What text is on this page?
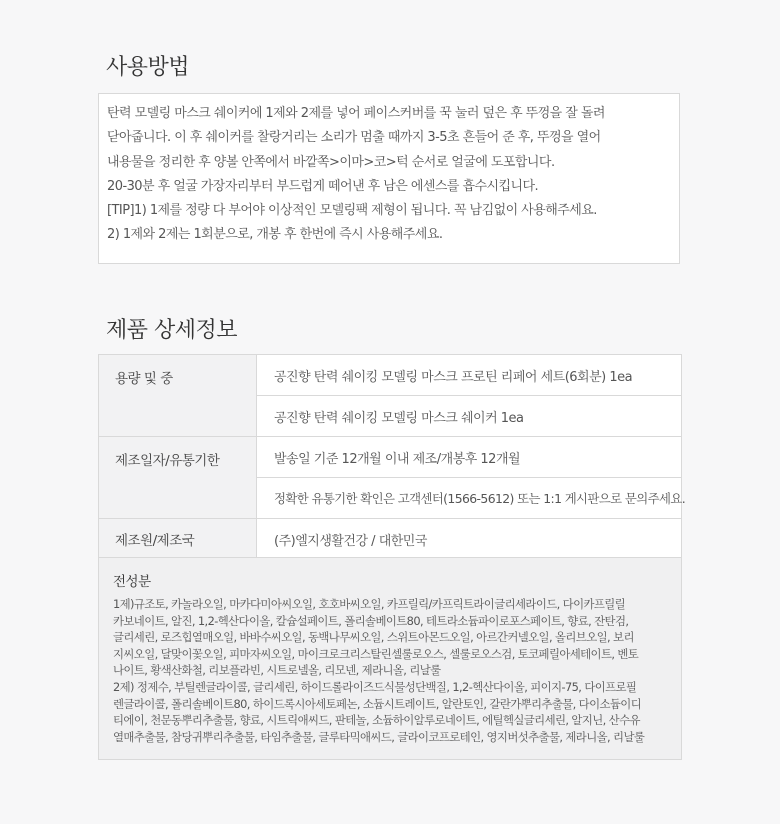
사용방법
탄력 모델링 마스크 쉐이커에 1제와 2제를 넣어 페이스커버를 꾹 눌러 덮은 후 뚜껑을 잘 돌려
닫아줍니다. 이 후 쉐이커를 찰랑거리는 소리가 멈출 때까지 3-5초 흔들어 준 후, 뚜껑을 열어
내용물을 정리한 후 양볼 안쪽에서 바깥쪽>이마>코>턱 순서로 얼굴에 도포합니다.
20-30분 후 얼굴 가장자리부터 부드럽게 떼어낸 후 남은 에센스를 흡수시킵니다.
[TIP]1) 1제를 정량 다 부어야 이상적인 모델링팩 제형이 됩니다. 꼭 남김없이 사용해주세요.
2) 1제와 2제는 1회분으로, 개봉 후 한번에 즉시 사용해주세요.
제품 상세정보
용량 및 중	공진향 탄력 쉐이킹 모델링 마스크 프로틴 리페어 세트(6회분) 1ea
	공진향 탄력 쉐이킹 모델링 마스크 쉐이커 1ea
제조일자/유통기한	발송일 기준 12개월 이내 제조/개봉후 12개월
	정확한 유통기한 확인은 고객센터(1566-5612) 또는 1:1 게시판으로 문의주세요.
제조원/제조국	(주)엘지생활건강 / 대한민국
전성분
1제)규조토, 카놀라오일, 마카다미아씨오일, 호호바씨오일, 카프릴릭/카프릭트라이글리세라이드, 다이카프릴릴
카보네이트, 알진, 1,2-헥산다이올, 칼슘설페이트, 폴리솔베이트80, 테트라소듐파이로포스페이트, 향료, 잔탄검,
글리세린, 로즈힙열매오일, 바바수씨오일, 동백나무씨오일, 스위트아몬드오일, 아르간커넬오일, 올리브오일, 보리
지씨오일, 달맞이꽃오일, 피마자씨오일, 마이크로크리스탈린셀룰로오스, 셀룰로오스검, 토코페릴아세테이트, 벤토
나이트, 황색산화철, 리보플라빈, 시트로넬올, 리모넨, 제라니올, 리날룰
2제) 정제수, 부틸렌글라이콜, 글리세린, 하이드롤라이즈드식물성단백질, 1,2-헥산다이올, 피이지-75, 다이프로필
렌글라이콜, 폴리솔베이트80, 하이드록시아세토페논, 소듐시트레이트, 알란토인, 갈란가뿌리추출물, 다이소듐이디
티에이, 천문동뿌리추출물, 향료, 시트릭애씨드, 판테놀, 소듐하이알루로네이트, 에틸헥실글리세린, 알지닌, 산수유
열매추출물, 참당귀뿌리추출물, 타임추출물, 글루타믹애씨드, 글라이코프로테인, 영지버섯추출물, 제라니올, 리날룰
